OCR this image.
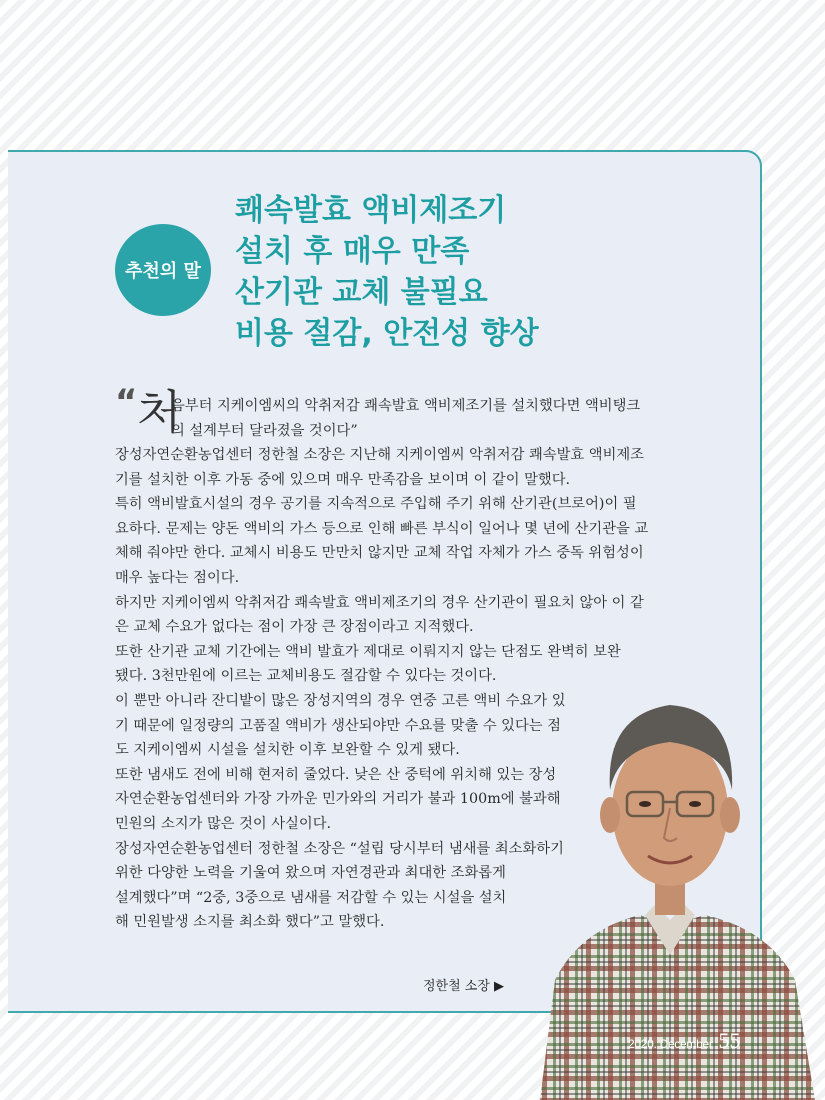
추천의 말
쾌속발효 액비제조기
설치 후 매우 만족
산기관 교체 불필요
비용 절감, 안전성 향상
“ 처
음부터 지케이엠씨의 악취저감 쾌속발효 액비제조기를 설치했다면 액비탱크
의 설계부터 달라졌을 것이다”
장성자연순환농업센터 정한철 소장은 지난해 지케이엠씨 악취저감 쾌속발효 액비제조
기를 설치한 이후 가동 중에 있으며 매우 만족감을 보이며 이 같이 말했다.
특히 액비발효시설의 경우 공기를 지속적으로 주입해 주기 위해 산기관(브로어)이 필
요하다. 문제는 양돈 액비의 가스 등으로 인해 빠른 부식이 일어나 몇 년에 산기관을 교
체해 줘야만 한다. 교체시 비용도 만만치 않지만 교체 작업 자체가 가스 중독 위험성이
매우 높다는 점이다.
하지만 지케이엠씨 악취저감 쾌속발효 액비제조기의 경우 산기관이 필요치 않아 이 같
은 교체 수요가 없다는 점이 가장 큰 장점이라고 지적했다.
또한 산기관 교체 기간에는 액비 발효가 제대로 이뤄지지 않는 단점도 완벽히 보완
됐다. 3천만원에 이르는 교체비용도 절감할 수 있다는 것이다.
이 뿐만 아니라 잔디밭이 많은 장성지역의 경우 연중 고른 액비 수요가 있
기 때문에 일정량의 고품질 액비가 생산되야만 수요를 맞출 수 있다는 점
도 지케이엠씨 시설을 설치한 이후 보완할 수 있게 됐다.
또한 냄새도 전에 비해 현저히 줄었다. 낮은 산 중턱에 위치해 있는 장성
자연순환농업센터와 가장 가까운 민가와의 거리가 불과 100m에 불과해
민원의 소지가 많은 것이 사실이다.
장성자연순환농업센터 정한철 소장은 “설립 당시부터 냄새를 최소화하기
위한 다양한 노력을 기울여 왔으며 자연경관과 최대한 조화롭게
설계했다”며 “2중, 3중으로 냄새를 저감할 수 있는 시설을 설치
해 민원발생 소지를 최소화 했다”고 말했다.
정한철 소장 ▶
2020. December 55
